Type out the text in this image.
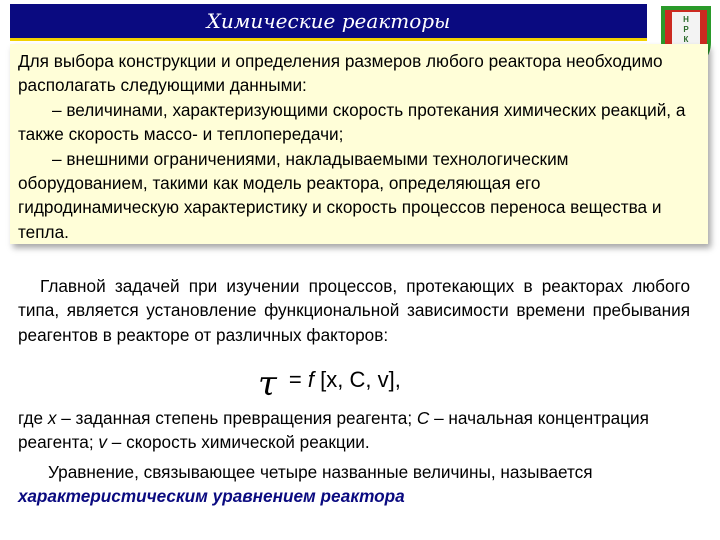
Химические реакторы	Н
Р
К

Для выбора конструкции и определения размеров любого реактора необходимо располагать следующими данными:

– величинами, характеризующими скорость протекания химических реакций, а также скорость массо- и теплопередачи;

– внешними ограничениями, накладываемыми технологическим оборудованием, такими как модель реактора, определяющая его гидродинамическую характеристику и скорость процессов переноса вещества и тепла.

Главной задачей при изучении процессов, протекающих в реакторах любого типа, является установление функциональной зависимости времени пребывания реагентов в реакторе от различных факторов:

τ = f [x, C, v],

где х – заданная степень превращения реагента; С – начальная концентрация реагента; v – скорость химической реакции.

Уравнение, связывающее четыре названные величины, называется

характеристическим уравнением реактора
